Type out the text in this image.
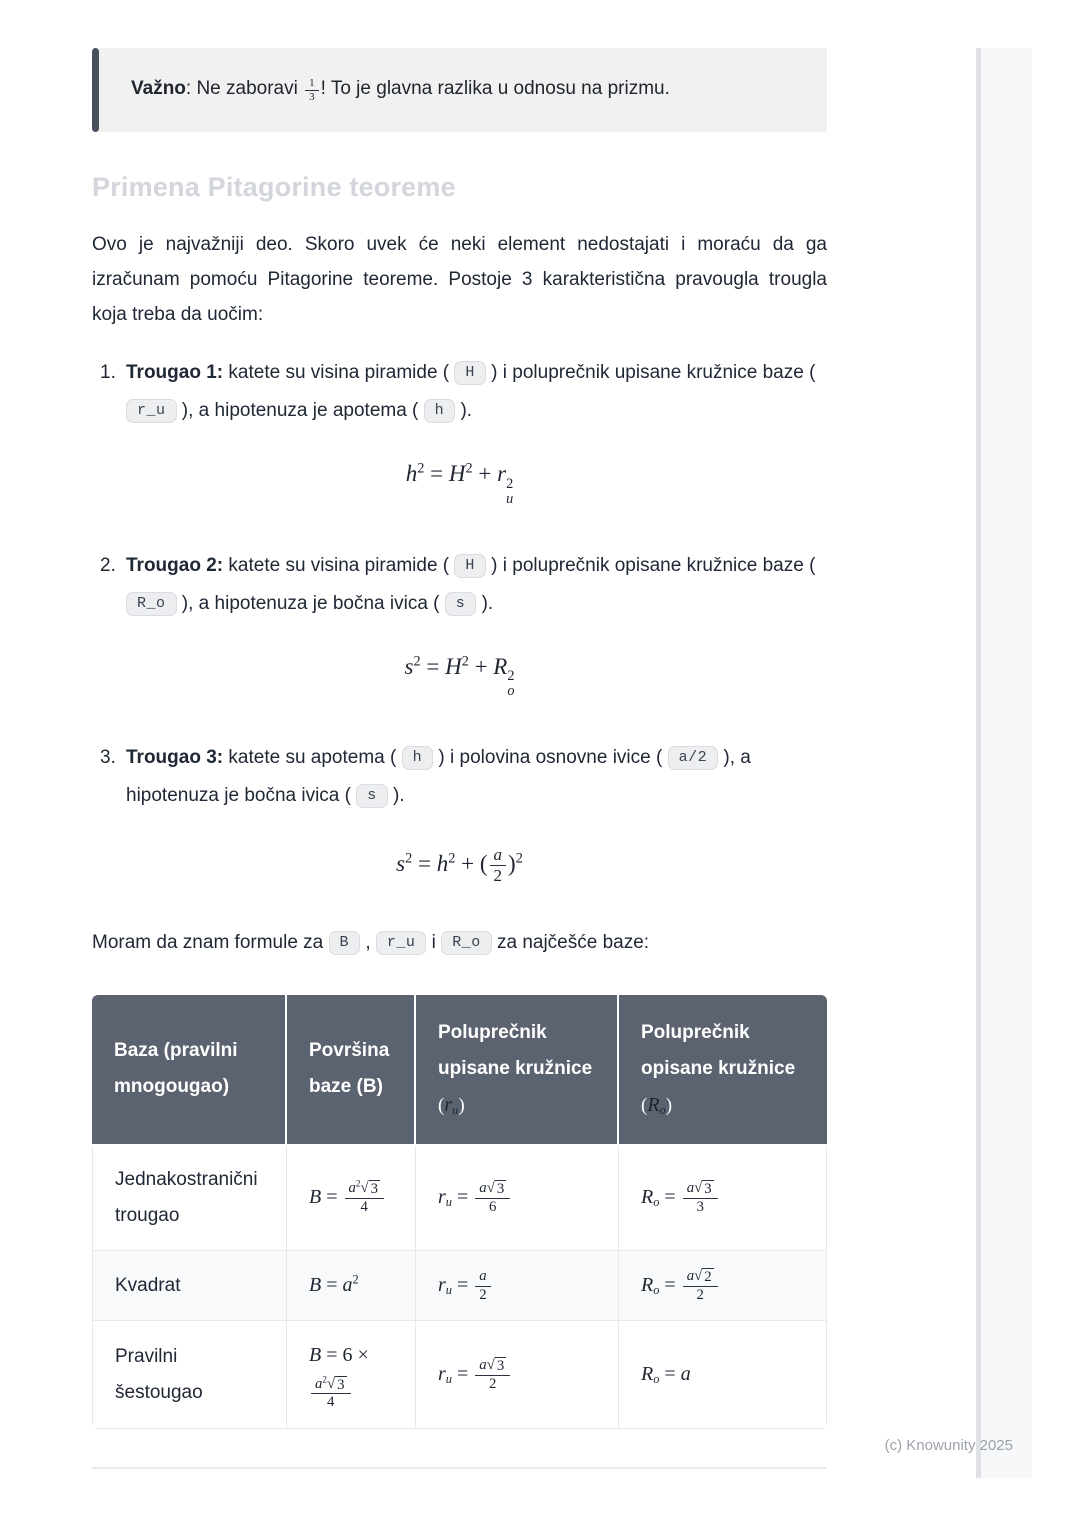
Važno: Ne zaboravi $\frac{1}{3}$ ! To je glavna razlika u odnosu na prizmu.
Primena Pitagorine teoreme

Ovo je najvažniji deo. Skoro uvek će neki element nedostajati i moraću da ga izračunam pomoću Pitagorine teoreme. Postoje 3 karakteristična pravougla trougla koja treba da uočim:

1. Trougao 1: katete su visina piramide ( H ) i poluprečnik upisane kružnice baze ( r_u ), a hipotenuza je apotema ( h ).
$h^2 = H^2 + r$ 2
u
2. Trougao 2: katete su visina piramide ( H ) i poluprečnik opisane kružnice baze ( R_o ), a hipotenuza je bočna ivica ( s ).
$s^2 = H^2 + R$ 2
o
3. Trougao 3: katete su apotema ( h ) i polovina osnovne ivice ( a/2 ), a hipotenuza je bočna ivica ( s ).
$s^2 = h^2$ + ( $\frac{a}{2} )^2$

Moram da znam formule za B , r_u i R_o za najčešće baze:

Baza (pravilni mnogougao)	Površina baze (B)	Poluprečnik upisane kružnice (ru)	Poluprečnik opisane kružnice (Ro)
Jednakostranični trougao	$B = \frac{a^2 √ 3}{4}$	ru = $\frac{a √ 3}{6}$	$Ro = \frac{a √ 3}{3}$

Kvadrat	$B = a^2$	ru = $\frac{a}{2}$	$Ro = \frac{a √ 2}{2}$

Pravilni šestougao	B = 6 ×
$\frac{a^2 √ 3}{4}$	ru = $\frac{a √ 3}{2}$	Ro = a
(c) Knowunity 2025
